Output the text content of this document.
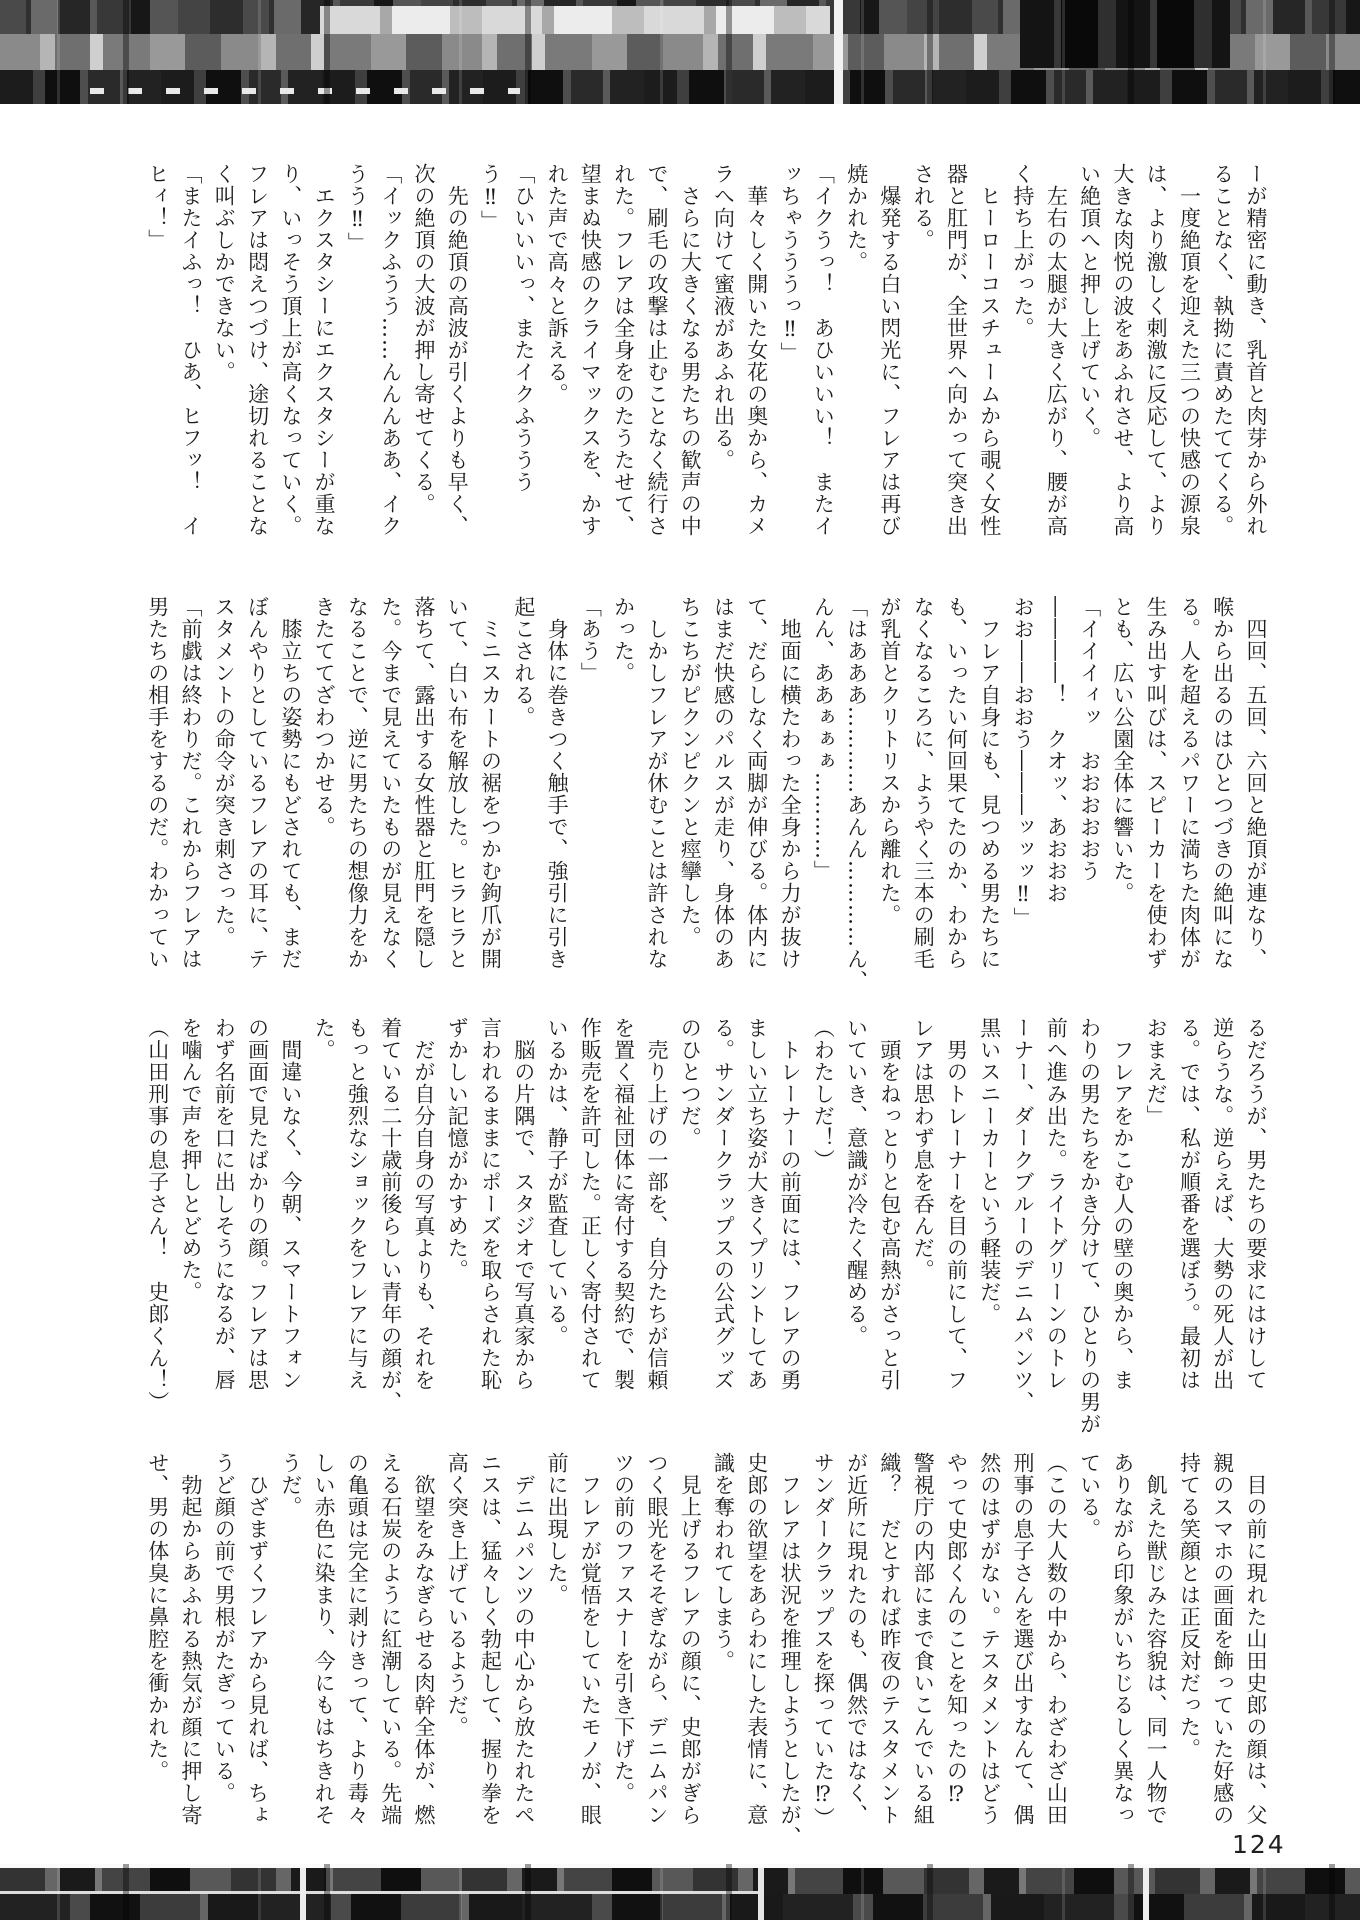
ーが精密に動き、乳首と肉芽から外れ
ることなく、執拗に責めたててくる。
　一度絶頂を迎えた三つの快感の源泉
は、より激しく刺激に反応して、より
大きな肉悦の波をあふれさせ、より高
い絶頂へと押し上げていく。
　左右の太腿が大きく広がり、腰が高
く持ち上がった。
　ヒーローコスチュームから覗く女性
器と肛門が、全世界へ向かって突き出
される。
　爆発する白い閃光に、フレアは再び
焼かれた。
「イクうっ！　あひいいい！　またイ
ッちゃうううっ‼」
　華々しく開いた女花の奥から、カメ
ラへ向けて蜜液があふれ出る。
　さらに大きくなる男たちの歓声の中
で、刷毛の攻撃は止むことなく続行さ
れた。フレアは全身をのたうたせて、
望まぬ快感のクライマックスを、かす
れた声で高々と訴える。
「ひいいいっ、またイクふううう
う‼」
　先の絶頂の高波が引くよりも早く、
次の絶頂の大波が押し寄せてくる。
「イックふうう……んんんああ、イク
うう‼」
　エクスタシーにエクスタシーが重な
り、いっそう頂上が高くなっていく。
フレアは悶えつづけ、途切れることな
く叫ぶしかできない。
「またイふっ！　ひあ、ヒフッ！　イ
ヒィ！」
　四回、五回、六回と絶頂が連なり、
喉から出るのはひとつづきの絶叫にな
る。人を超えるパワーに満ちた肉体が
生み出す叫びは、スピーカーを使わず
とも、広い公園全体に響いた。
「イイイィッ　おおおおおう
――――！　クオッ、あおおお
おお――おおう―――ッッッ‼」
　フレア自身にも、見つめる男たちに
も、いったい何回果てたのか、わから
なくなるころに、ようやく三本の刷毛
が乳首とクリトリスから離れた。
「はあああ…………あんん…………ん、
んん、ああぁぁぁ…………」
　地面に横たわった全身から力が抜け
て、だらしなく両脚が伸びる。体内に
はまだ快感のパルスが走り、身体のあ
ちこちがピクンピクンと痙攣した。
　しかしフレアが休むことは許されな
かった。
「あう」
　身体に巻きつく触手で、強引に引き
起こされる。
　ミニスカートの裾をつかむ鉤爪が開
いて、白い布を解放した。ヒラヒラと
落ちて、露出する女性器と肛門を隠し
た。今まで見えていたものが見えなく
なることで、逆に男たちの想像力をか
きたててざわつかせる。
　膝立ちの姿勢にもどされても、まだ
ぼんやりとしているフレアの耳に、テ
スタメントの命令が突き刺さった。
「前戯は終わりだ。これからフレアは
男たちの相手をするのだ。わかってい
るだろうが、男たちの要求にはけして
逆らうな。逆らえば、大勢の死人が出
る。では、私が順番を選ぼう。最初は
おまえだ」
　フレアをかこむ人の壁の奥から、ま
わりの男たちをかき分けて、ひとりの男が
前へ進み出た。ライトグリーンのトレ
ーナー、ダークブルーのデニムパンツ、
黒いスニーカーという軽装だ。
　男のトレーナーを目の前にして、フ
レアは思わず息を呑んだ。
　頭をねっとりと包む高熱がさっと引
いていき、意識が冷たく醒める。
（わたしだ！）
　トレーナーの前面には、フレアの勇
ましい立ち姿が大きくプリントしてあ
る。サンダークラップスの公式グッズ
のひとつだ。
　売り上げの一部を、自分たちが信頼
を置く福祉団体に寄付する契約で、製
作販売を許可した。正しく寄付されて
いるかは、静子が監査している。
　脳の片隅で、スタジオで写真家から
言われるままにポーズを取らされた恥
ずかしい記憶がかすめた。
　だが自分自身の写真よりも、それを
着ている二十歳前後らしい青年の顔が、
もっと強烈なショックをフレアに与え
た。
　間違いなく、今朝、スマートフォン
の画面で見たばかりの顔。フレアは思
わず名前を口に出しそうになるが、唇
を噛んで声を押しとどめた。
（山田刑事の息子さん！　史郎くん！）
　目の前に現れた山田史郎の顔は、父
親のスマホの画面を飾っていた好感の
持てる笑顔とは正反対だった。
　飢えた獣じみた容貌は、同一人物で
ありながら印象がいちじるしく異なっ
ている。
（この大人数の中から、わざわざ山田
刑事の息子さんを選び出すなんて、偶
然のはずがない。テスタメントはどう
やって史郎くんのことを知ったの⁉
警視庁の内部にまで食いこんでいる組
織？　だとすれば昨夜のテスタメント
が近所に現れたのも、偶然ではなく、
サンダークラップスを探っていた⁉）
　フレアは状況を推理しようとしたが、
史郎の欲望をあらわにした表情に、意
識を奪われてしまう。
　見上げるフレアの顔に、史郎がぎら
つく眼光をそそぎながら、デニムパン
ツの前のファスナーを引き下げた。
　フレアが覚悟をしていたモノが、眼
前に出現した。
　デニムパンツの中心から放たれたペ
ニスは、猛々しく勃起して、握り拳を
高く突き上げているようだ。
　欲望をみなぎらせる肉幹全体が、燃
える石炭のように紅潮している。先端
の亀頭は完全に剥けきって、より毒々
しい赤色に染まり、今にもはちきれそ
うだ。
　ひざまずくフレアから見れば、ちょ
うど顔の前で男根がたぎっている。
　勃起からあふれる熱気が顔に押し寄
せ、男の体臭に鼻腔を衝かれた。
124
